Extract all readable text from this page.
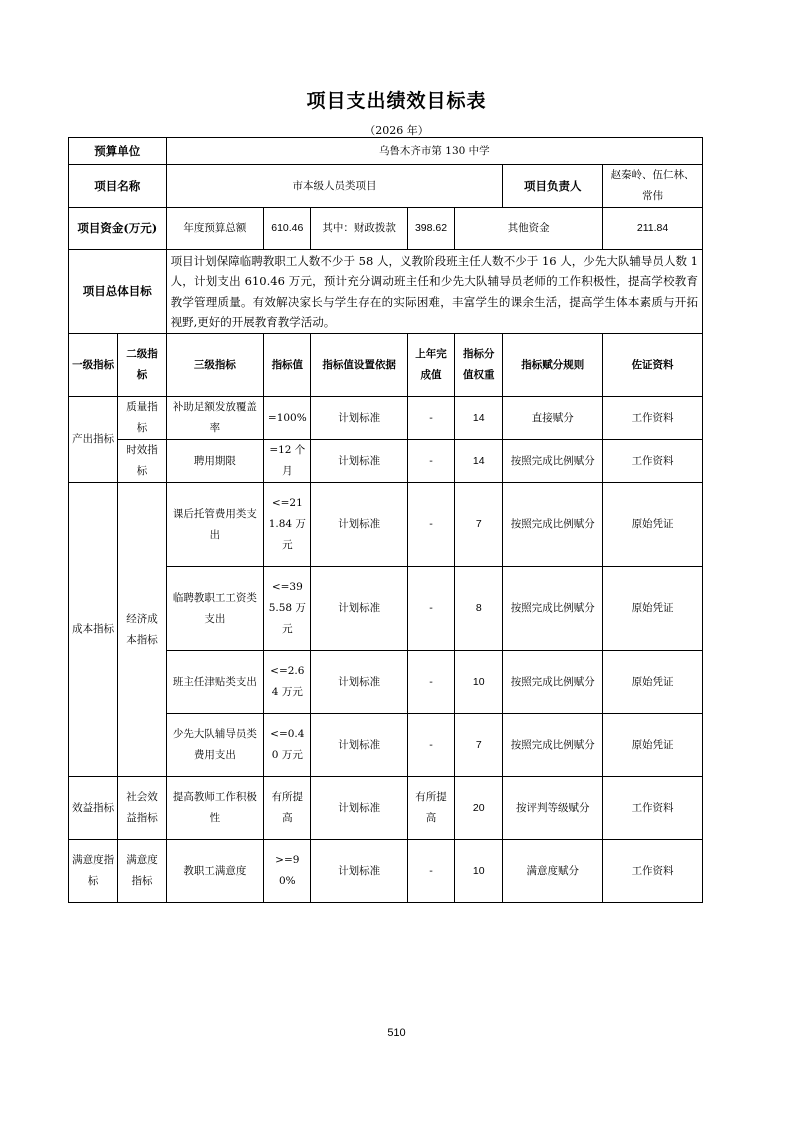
项目支出绩效目标表
（2026 年）
预算单位		乌鲁木齐市第 130 中学						
项目名称		市本级人员类项目					项目负责人	赵秦岭、伍仁林、常伟
项目资金(万元)		年度预算总额	610.46	其中：财政拨款	398.62	其他资金		211.84
项目总体目标		项目计划保障临聘教职工人数不少于 58 人，义教阶段班主任人数不少于 16 人，少先大队辅导员人数 1 人，计划支出 610.46 万元，预计充分调动班主任和少先大队辅导员老师的工作积极性，提高学校教育教学管理质量。有效解决家长与学生存在的实际困难，丰富学生的课余生活，提高学生体本素质与开拓视野,更好的开展教育教学活动。						
一级指标	二级指标	三级指标	指标值	指标值设置依据	上年完成值	指标分值权重	指标赋分规则	佐证资料
产出指标	质量指标	补助足额发放覆盖率	=100%	计划标准	-	14	直接赋分	工作资料
	时效指标	聘用期限	=12 个月	计划标准	-	14	按照完成比例赋分	工作资料
成本指标	经济成本指标	课后托管费用类支出	<=211.84 万元	计划标准	-	7	按照完成比例赋分	原始凭证
		临聘教职工工资类支出	<=395.58 万元	计划标准	-	8	按照完成比例赋分	原始凭证
		班主任津贴类支出	<=2.64 万元	计划标准	-	10	按照完成比例赋分	原始凭证
		少先大队辅导员类费用支出	<=0.40 万元	计划标准	-	7	按照完成比例赋分	原始凭证
效益指标	社会效益指标	提高教师工作积极性	有所提高	计划标准	有所提高	20	按评判等级赋分	工作资料
满意度指标	满意度指标	教职工满意度	>=90%	计划标准	-	10	满意度赋分	工作资料
510
